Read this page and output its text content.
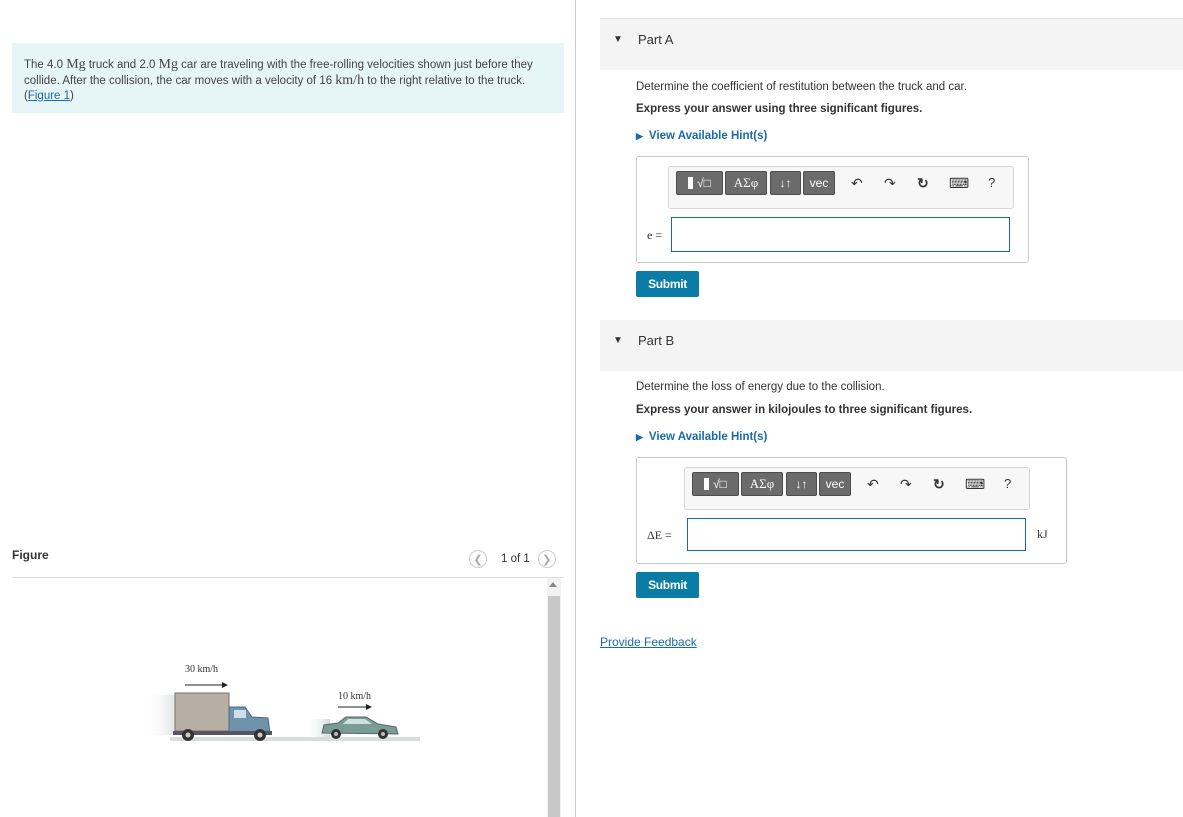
The 4.0 Mg truck and 2.0 Mg car are traveling with the free-rolling velocities shown just before they collide. After the collision, the car moves with a velocity of 16 km/h to the right relative to the truck.
(Figure 1)
Figure	❮ 1 of 1 ❯
30 km/h
10 km/h
▼ Part A
Determine the coefficient of restitution between the truck and car.
Express your answer using three significant figures.
▶ View Available Hint(s)
√□	ΑΣφ	↓↑	vec	↶ ↷ ↻ ⌨ ?
e =
Submit
▼ Part B
Determine the loss of energy due to the collision.
Express your answer in kilojoules to three significant figures.
▶ View Available Hint(s)
√□	ΑΣφ	↓↑	vec	↶ ↷ ↻ ⌨ ?
ΔE =	kJ
Submit
Provide Feedback
